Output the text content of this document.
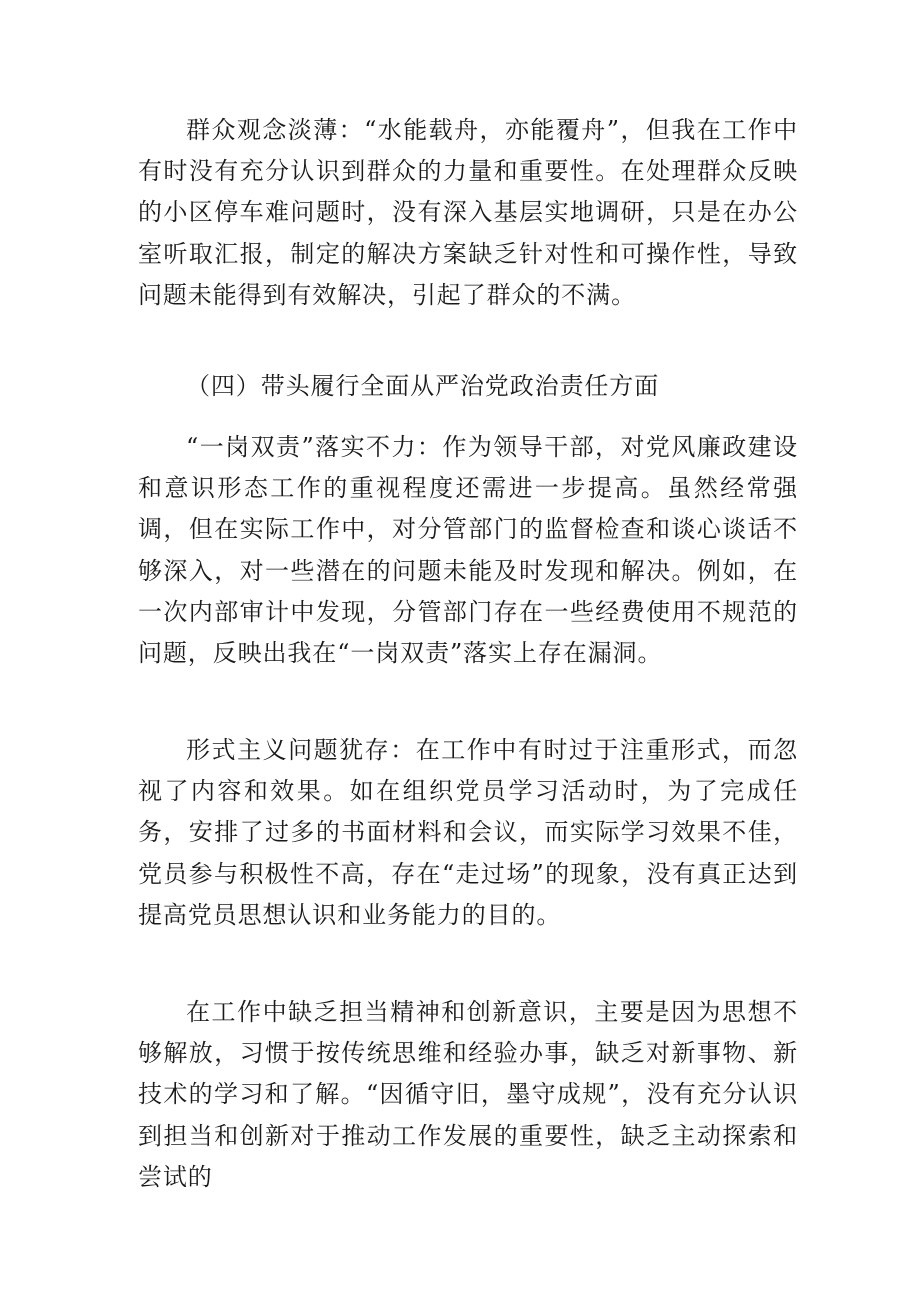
群众观念淡薄：“水能载舟，亦能覆舟”，但我在工作中有时没有充分认识到群众的力量和重要性。在处理群众反映的小区停车难问题时，没有深入基层实地调研，只是在办公室听取汇报，制定的解决方案缺乏针对性和可操作性，导致问题未能得到有效解决，引起了群众的不满。

（四）带头履行全面从严治党政治责任方面

“一岗双责”落实不力：作为领导干部，对党风廉政建设和意识形态工作的重视程度还需进一步提高。虽然经常强调，但在实际工作中，对分管部门的监督检查和谈心谈话不够深入，对一些潜在的问题未能及时发现和解决。例如，在一次内部审计中发现，分管部门存在一些经费使用不规范的问题，反映出我在“一岗双责”落实上存在漏洞。

形式主义问题犹存：在工作中有时过于注重形式，而忽视了内容和效果。如在组织党员学习活动时，为了完成任务，安排了过多的书面材料和会议，而实际学习效果不佳，党员参与积极性不高，存在“走过场”的现象，没有真正达到提高党员思想认识和业务能力的目的。

在工作中缺乏担当精神和创新意识，主要是因为思想不够解放，习惯于按传统思维和经验办事，缺乏对新事物、新技术的学习和了解。“因循守旧，墨守成规”，没有充分认识到担当和创新对于推动工作发展的重要性，缺乏主动探索和尝试的
